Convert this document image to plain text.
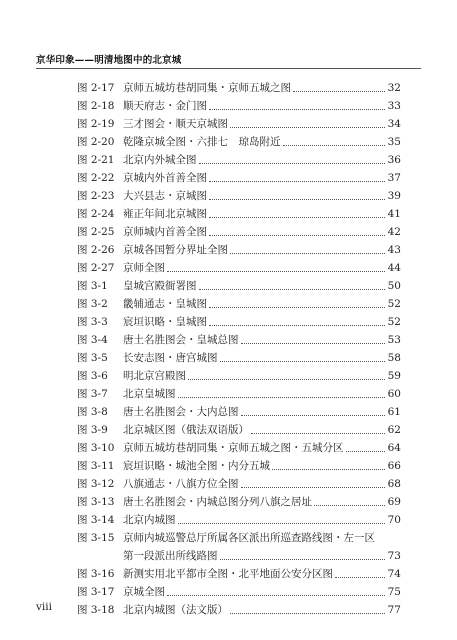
京华印象——明清地图中的北京城
图 2-17 京师五城坊巷胡同集・京师五城之图	32
图 2-18 顺天府志・金门图	33
图 2-19 三才图会・顺天京城图	34
图 2-20 乾隆京城全图・六排七　琼岛附近	35
图 2-21 北京内外城全图	36
图 2-22 京城内外首善全图	37
图 2-23 大兴县志・京城图	39
图 2-24 雍正年间北京城图	41
图 2-25 京师城内首善全图	42
图 2-26 京城各国暂分界址全图	43
图 2-27 京师全图	44
图 3-1	皇城宫殿衙署图	50
图 3-2	畿辅通志・皇城图	52
图 3-3	宸垣识略・皇城图	52
图 3-4	唐土名胜图会・皇城总图	53
图 3-5	长安志图・唐宫城图	58
图 3-6	明北京宫殿图	59
图 3-7	北京皇城图	60
图 3-8	唐土名胜图会・大内总图	61
图 3-9	北京城区图（俄法双语版）	62
图 3-10 京师五城坊巷胡同集・京师五城之图・五城分区	64
图 3-11 宸垣识略・城池全图・内分五城	66
图 3-12 八旗通志・八旗方位全图	68
图 3-13 唐土名胜图会・内城总图分列八旗之居址	69
图 3-14 北京内城图	70
图 3-15 京师内城巡警总厅所属各区派出所巡查路线图・左一区
第一段派出所线路图	73
图 3-16 新测实用北平都市全图・北平地面公安分区图	74
图 3-17 京城全图	75
图 3-18 北京内城图（法文版）	77
viii
